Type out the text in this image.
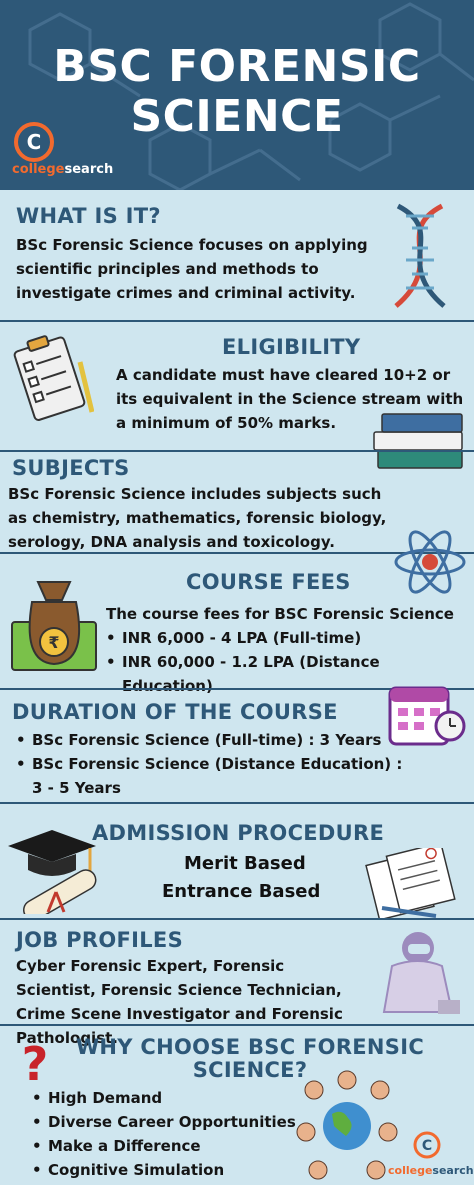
BSC FORENSIC
SCIENCE
C
collegesearch
WHAT IS IT?
BSc Forensic Science focuses on applying scientific principles and methods to investigate crimes and criminal activity.
ELIGIBILITY
A candidate must have cleared 10+2 or its equivalent in the Science stream with a minimum of 50% marks.
SUBJECTS
BSc Forensic Science includes subjects such as chemistry, mathematics, forensic biology, serology, DNA analysis and toxicology.
₹
COURSE FEES
The course fees for BSC Forensic Science
• INR 6,000 - 4 LPA (Full-time)
• INR 60,000 - 1.2 LPA (Distance Education)
DURATION OF THE COURSE
• BSc Forensic Science (Full-time) : 3 Years
• BSc Forensic Science (Distance Education) : 3 - 5 Years
ADMISSION PROCEDURE
Merit Based
Entrance Based
JOB PROFILES
Cyber Forensic Expert, Forensic Scientist, Forensic Science Technician, Crime Scene Investigator and Forensic Pathologist.
?	WHY CHOOSE BSC FORENSIC
SCIENCE?
• High Demand
• Diverse Career Opportunities
• Make a Difference
• Cognitive Simulation
C
collegesearch
